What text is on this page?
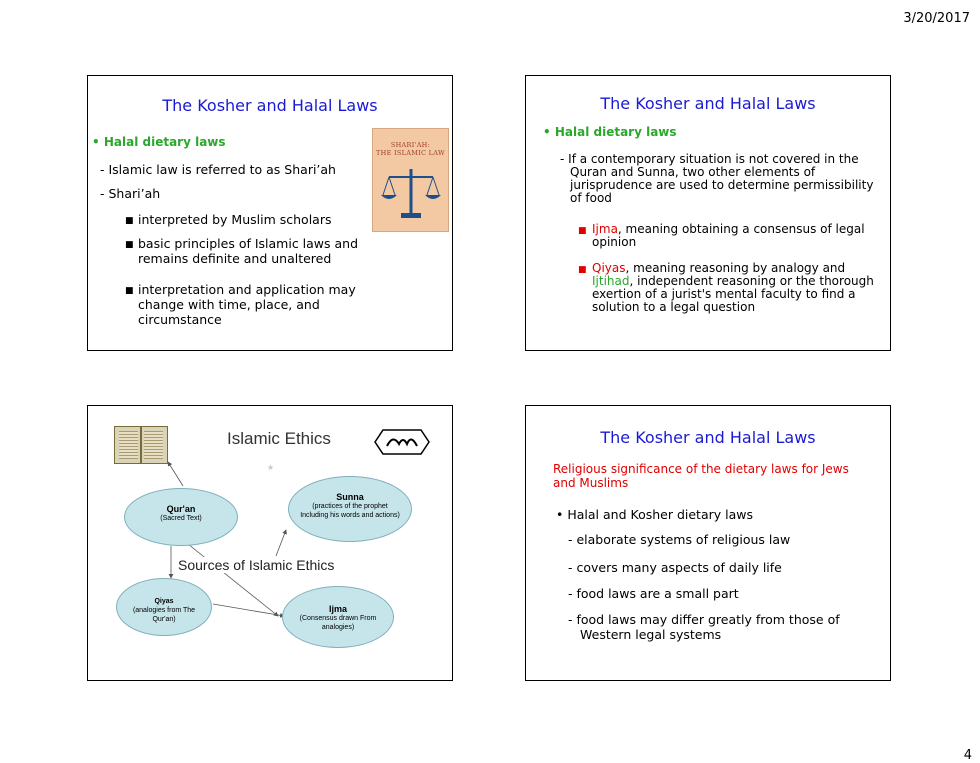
3/20/2017
The Kosher and Halal Laws
• Halal dietary laws
- Islamic law is referred to as Shari’ah
- Shari’ah
■ interpreted by Muslim scholars
■ basic principles of Islamic laws and remains definite and unaltered
■ interpretation and application may change with time, place, and circumstance
SHARI'AH:
THE ISLAMIC LAW
The Kosher and Halal Laws
• Halal dietary laws
- If a contemporary situation is not covered in the Quran and Sunna, two other elements of jurisprudence are used to determine permissibility of food
■ Ijma, meaning obtaining a consensus of legal opinion
■ Qiyas, meaning reasoning by analogy and Ijtihad, independent reasoning or the thorough exertion of a jurist's mental faculty to find a solution to a legal question
Islamic Ethics
★
Qur'an
(Sacred Text)
Sunna
(practices of the prophet Including his words and actions)
Sources of Islamic Ethics
Qiyas
(analogies from The Qur'an)
Ijma
(Consensus drawn From analogies)
The Kosher and Halal Laws
Religious significance of the dietary laws for Jews and Muslims
• Halal and Kosher dietary laws
- elaborate systems of religious law
- covers many aspects of daily life
- food laws are a small part
- food laws may differ greatly from those of Western legal systems
4
